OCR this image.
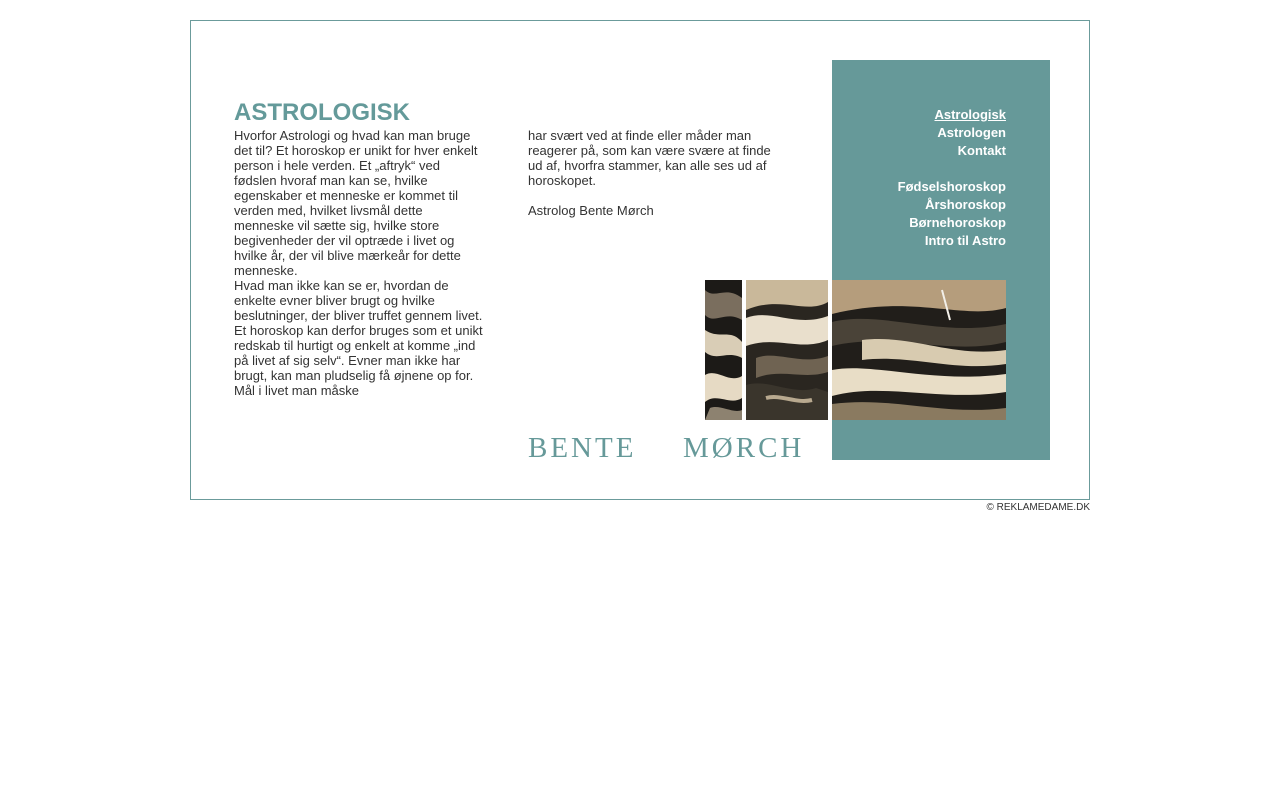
ASTROLOGISK

Hvorfor Astrologi og hvad kan man bruge det til? Et horoskop er unikt for hver enkelt person i hele verden. Et „aftryk“ ved fødslen hvoraf man kan se, hvilke egenskaber et menneske er kommet til verden med, hvilket livsmål dette menneske vil sætte sig, hvilke store begivenheder der vil optræde i livet og hvilke år, der vil blive mærkeår for dette menneske.

Hvad man ikke kan se er, hvordan de enkelte evner bliver brugt og hvilke beslutninger, der bliver truffet gennem livet. Et horoskop kan derfor bruges som et unikt redskab til hurtigt og enkelt at komme „ind på livet af sig selv“. Evner man ikke har brugt, kan man pludselig få øjnene op for. Mål i livet man måske

har svært ved at finde eller måder man reagerer på, som kan være svære at finde ud af, hvorfra stammer, kan alle ses ud af horoskopet.

Astrolog Bente Mørch

Astrologisk
Astrologen
Kontakt
Fødselshoroskop
Årshoroskop
Børnehoroskop
Intro til Astro
BENTE MØRCH
© REKLAMEDAME.DK
